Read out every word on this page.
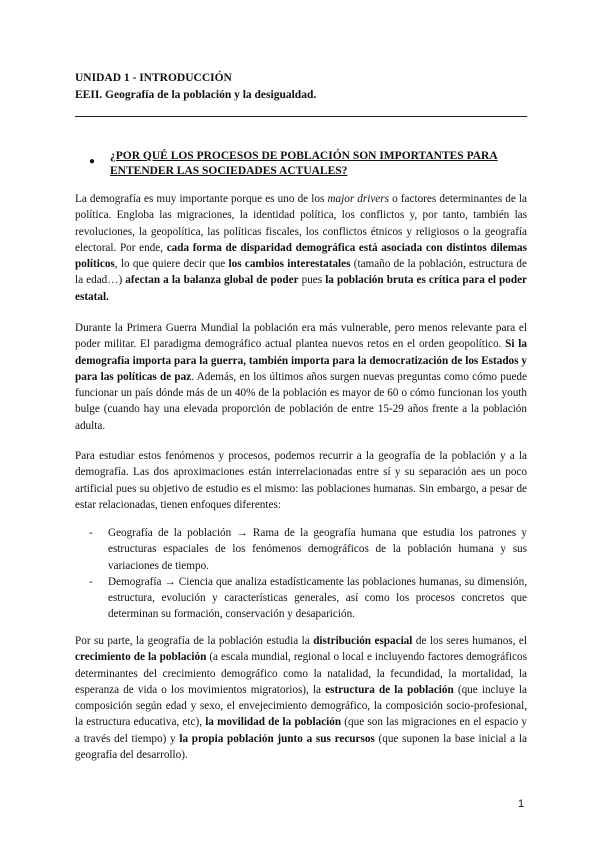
UNIDAD 1 - INTRODUCCIÓN
EEII. Geografía de la población y la desigualdad.
● ¿POR QUÉ LOS PROCESOS DE POBLACIÓN SON IMPORTANTES PARA ENTENDER LAS SOCIEDADES ACTUALES?
La demografía es muy importante porque es uno de los major drivers o factores determinantes de la política. Engloba las migraciones, la identidad política, los conflictos y, por tanto, también las revoluciones, la geopolítica, las políticas fiscales, los conflictos étnicos y religiosos o la geografía electoral. Por ende, cada forma de disparidad demográfica está asociada con distintos dilemas políticos, lo que quiere decir que los cambios interestatales (tamaño de la población, estructura de la edad…) afectan a la balanza global de poder pues la población bruta es crítica para el poder estatal.
Durante la Primera Guerra Mundial la población era más vulnerable, pero menos relevante para el poder militar. El paradigma demográfico actual plantea nuevos retos en el orden geopolítico. Si la demografía importa para la guerra, también importa para la democratización de los Estados y para las políticas de paz. Además, en los últimos años surgen nuevas preguntas como cómo puede funcionar un país dónde más de un 40% de la población es mayor de 60 o cómo funcionan los youth bulge (cuando hay una elevada proporción de población de entre 15-29 años frente a la población adulta.
Para estudiar estos fenómenos y procesos, podemos recurrir a la geografía de la población y a la demografía. Las dos aproximaciones están interrelacionadas entre sí y su separación aes un poco artificial pues su objetivo de estudio es el mismo: las poblaciones humanas. Sin embargo, a pesar de estar relacionadas, tienen enfoques diferentes:
- Geografía de la población → Rama de la geografía humana que estudia los patrones y estructuras espaciales de los fenómenos demográficos de la población humana y sus variaciones de tiempo.
- Demografía → Ciencia que analiza estadísticamente las poblaciones humanas, su dimensión, estructura, evolución y características generales, así como los procesos concretos que determinan su formación, conservación y desaparición.
Por su parte, la geografía de la población estudia la distribución espacial de los seres humanos, el crecimiento de la población (a escala mundial, regional o local e incluyendo factores demográficos determinantes del crecimiento demográfico como la natalidad, la fecundidad, la mortalidad, la esperanza de vida o los movimientos migratorios), la estructura de la población (que incluye la composición según edad y sexo, el envejecimiento demográfico, la composición socio-profesional, la estructura educativa, etc), la movilidad de la población (que son las migraciones en el espacio y a través del tiempo) y la propia población junto a sus recursos (que suponen la base inicial a la geografía del desarrollo).
1
